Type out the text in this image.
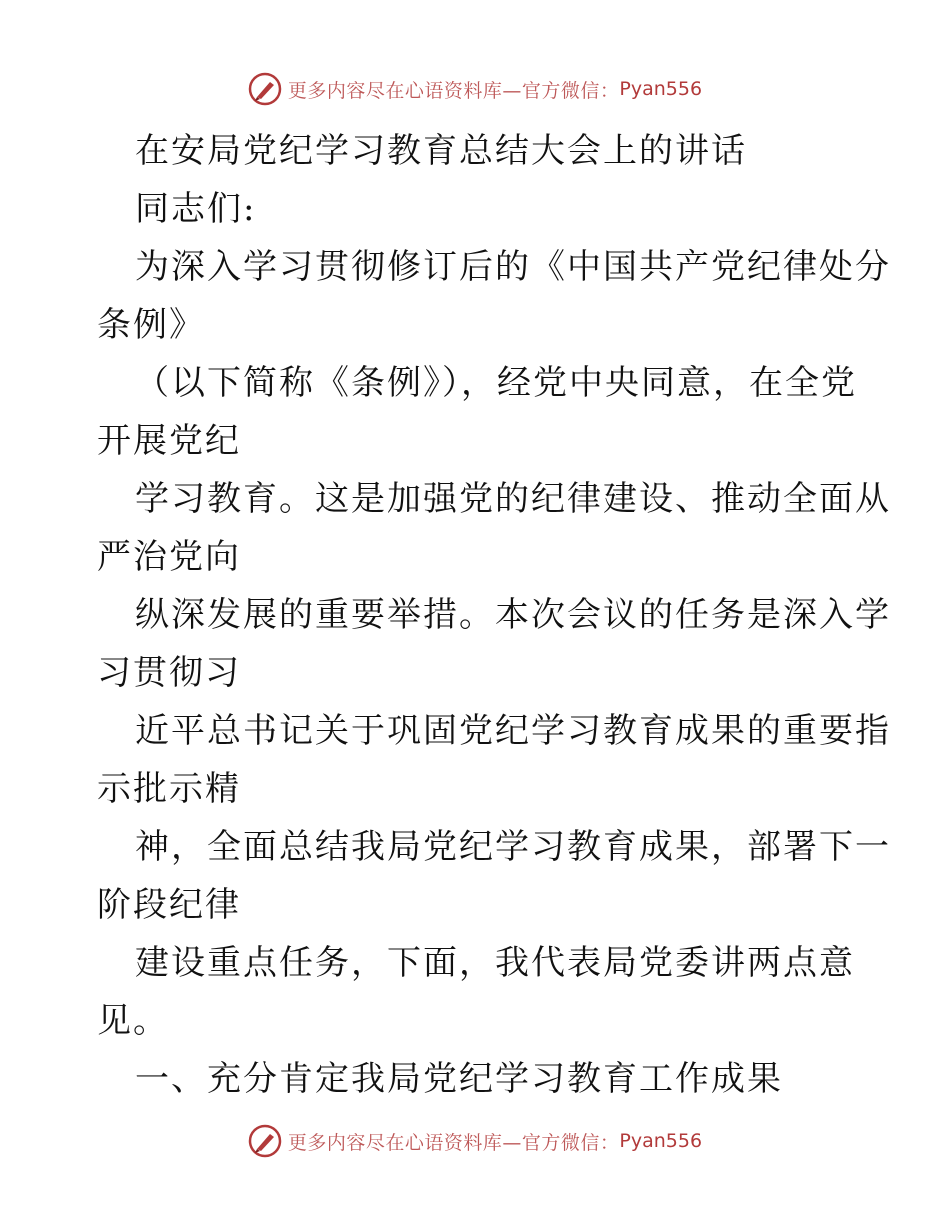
更多内容尽在心语资料库—官方微信： Pyan556
在安局党纪学习教育总结大会上的讲话
同志们:
为深入学习贯彻修订后的《中国共产党纪律处分
条例》
（以下简称《条例》），经党中央同意，在全党
开展党纪
学习教育。这是加强党的纪律建设、推动全面从
严治党向
纵深发展的重要举措。本次会议的任务是深入学
习贯彻习
近平总书记关于巩固党纪学习教育成果的重要指
示批示精
神，全面总结我局党纪学习教育成果，部署下一
阶段纪律
建设重点任务，下面，我代表局党委讲两点意
见。
一、充分肯定我局党纪学习教育工作成果
更多内容尽在心语资料库—官方微信： Pyan556
